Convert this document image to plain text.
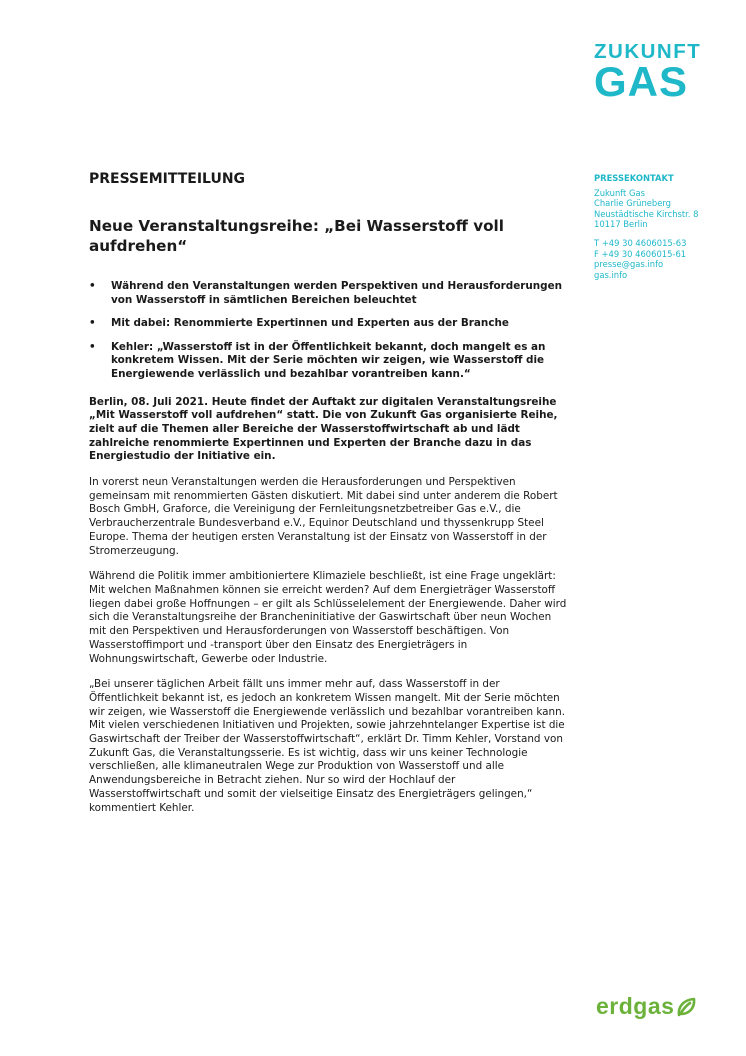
ZUKUNFT
GAS
PRESSEKONTAKT
Zukunft Gas
Charlie Grüneberg
Neustädtische Kirchstr. 8
10117 Berlin
T +49 30 4606015-63
F +49 30 4606015-61
presse@gas.info
gas.info
PRESSEMITTEILUNG
Neue Veranstaltungsreihe: „Bei Wasserstoff voll aufdrehen“
• Während den Veranstaltungen werden Perspektiven und Herausforderungen von Wasserstoff in sämtlichen Bereichen beleuchtet
• Mit dabei: Renommierte Expertinnen und Experten aus der Branche
• Kehler: „Wasserstoff ist in der Öffentlichkeit bekannt, doch mangelt es an konkretem Wissen. Mit der Serie möchten wir zeigen, wie Wasserstoff die Energiewende verlässlich und bezahlbar vorantreiben kann.“

Berlin, 08. Juli 2021. Heute findet der Auftakt zur digitalen Veranstaltungsreihe „Mit Wasserstoff voll aufdrehen“ statt. Die von Zukunft Gas organisierte Reihe, zielt auf die Themen aller Bereiche der Wasserstoffwirtschaft ab und lädt zahlreiche renommierte Expertinnen und Experten der Branche dazu in das Energiestudio der Initiative ein.

In vorerst neun Veranstaltungen werden die Herausforderungen und Perspektiven gemeinsam mit renommierten Gästen diskutiert. Mit dabei sind unter anderem die Robert Bosch GmbH, Graforce, die Vereinigung der Fernleitungsnetzbetreiber Gas e.V., die Verbraucherzentrale Bundesverband e.V., Equinor Deutschland und thyssenkrupp Steel Europe. Thema der heutigen ersten Veranstaltung ist der Einsatz von Wasserstoff in der Stromerzeugung.

Während die Politik immer ambitioniertere Klimaziele beschließt, ist eine Frage ungeklärt: Mit welchen Maßnahmen können sie erreicht werden? Auf dem Energieträger Wasserstoff liegen dabei große Hoffnungen – er gilt als Schlüsselelement der Energiewende. Daher wird sich die Veranstaltungsreihe der Brancheninitiative der Gaswirtschaft über neun Wochen mit den Perspektiven und Herausforderungen von Wasserstoff beschäftigen. Von Wasserstoffimport und -transport über den Einsatz des Energieträgers in Wohnungswirtschaft, Gewerbe oder Industrie.

„Bei unserer täglichen Arbeit fällt uns immer mehr auf, dass Wasserstoff in der Öffentlichkeit bekannt ist, es jedoch an konkretem Wissen mangelt. Mit der Serie möchten wir zeigen, wie Wasserstoff die Energiewende verlässlich und bezahlbar vorantreiben kann. Mit vielen verschiedenen Initiativen und Projekten, sowie jahrzehntelanger Expertise ist die Gaswirtschaft der Treiber der Wasserstoffwirtschaft“, erklärt Dr. Timm Kehler, Vorstand von Zukunft Gas, die Veranstaltungsserie. Es ist wichtig, dass wir uns keiner Technologie verschließen, alle klimaneutralen Wege zur Produktion von Wasserstoff und alle Anwendungsbereiche in Betracht ziehen. Nur so wird der Hochlauf der Wasserstoffwirtschaft und somit der vielseitige Einsatz des Energieträgers gelingen,“ kommentiert Kehler.

erdgas
